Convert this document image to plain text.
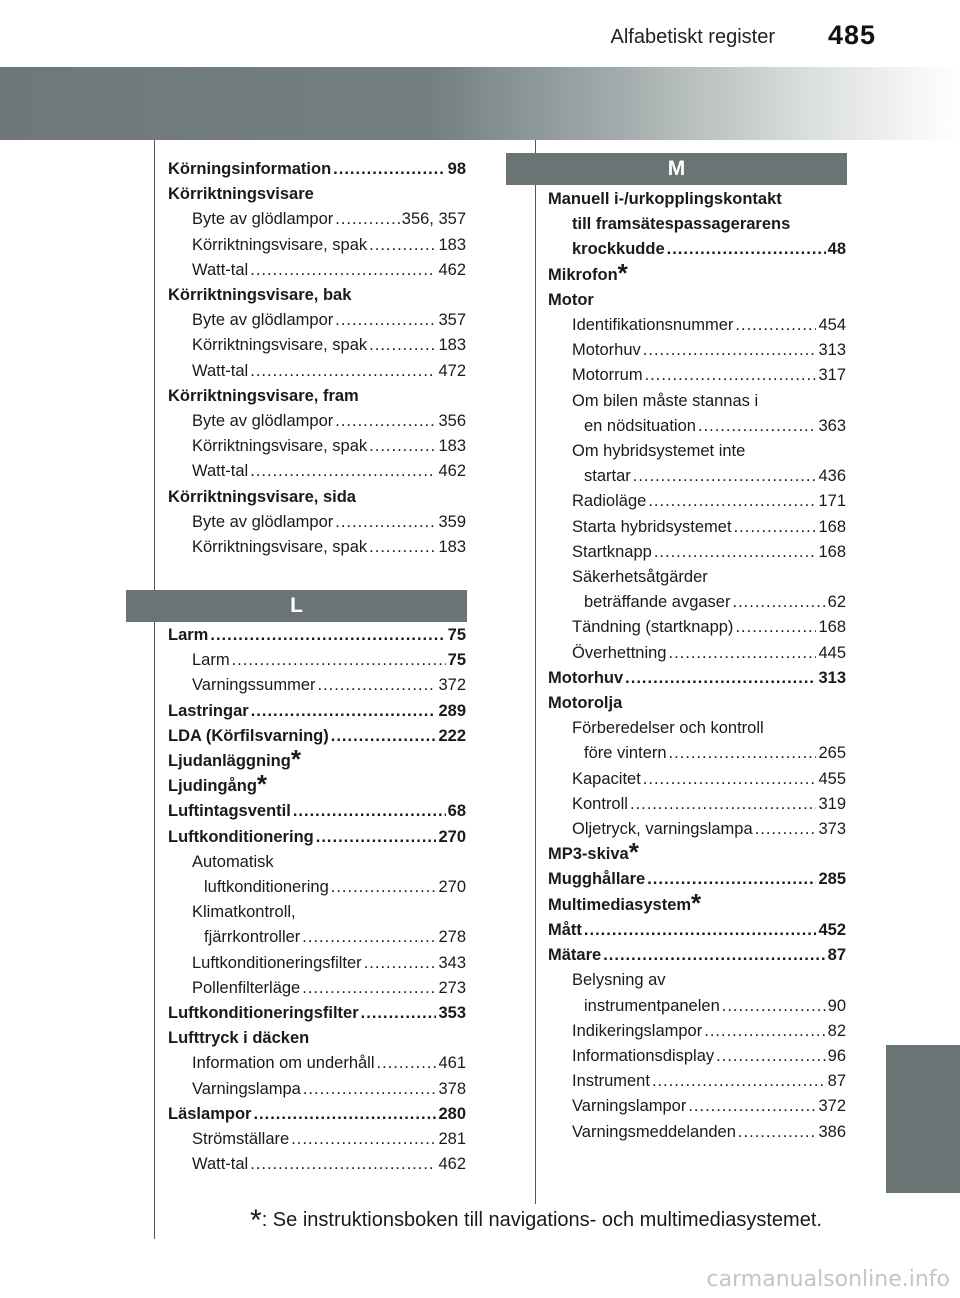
Alfabetiskt register 485
Körningsinformation .....	98
Körriktningsvisare
Byte av glödlampor .....	356, 357
Körriktningsvisare, spak .....	183
Watt-tal .....	462
Körriktningsvisare, bak
Byte av glödlampor .....	357
Körriktningsvisare, spak .....	183
Watt-tal .....	472
Körriktningsvisare, fram
Byte av glödlampor .....	356
Körriktningsvisare, spak .....	183
Watt-tal .....	462
Körriktningsvisare, sida
Byte av glödlampor .....	359
Körriktningsvisare, spak .....	183
L
Larm .....	75
Larm .....	75
Varningssummer .....	372
Lastringar .....	289
LDA (Körfilsvarning) .....	222
Ljudanläggning *
Ljudingång *
Luftintagsventil .....	68
Luftkonditionering .....	270
Automatisk
luftkonditionering .....	270
Klimatkontroll,
fjärrkontroller .....	278
Luftkonditioneringsfilter .....	343
Pollenfilterläge .....	273
Luftkonditioneringsfilter .....	353
Lufttryck i däcken
Information om underhåll .....	461
Varningslampa .....	378
Läslampor .....	280
Strömställare .....	281
Watt-tal .....	462
M
Manuell i-/urkopplingskontakt
till framsätespassagerarens
krockkudde .....	48
Mikrofon *
Motor
Identifikationsnummer .....	454
Motorhuv .....	313
Motorrum .....	317
Om bilen måste stannas i
en nödsituation .....	363
Om hybridsystemet inte
startar .....	436
Radioläge .....	171
Starta hybridsystemet .....	168
Startknapp .....	168
Säkerhetsåtgärder
beträffande avgaser .....	62
Tändning (startknapp) .....	168
Överhettning .....	445
Motorhuv .....	313
Motorolja
Förberedelser och kontroll
före vintern .....	265
Kapacitet .....	455
Kontroll .....	319
Oljetryck, varningslampa .....	373
MP3-skiva *
Mugghållare .....	285
Multimediasystem *
Mått .....	452
Mätare .....	87
Belysning av
instrumentpanelen .....	90
Indikeringslampor .....	82
Informationsdisplay .....	96
Instrument .....	87
Varningslampor .....	372
Varningsmeddelanden .....	386
*: Se instruktionsboken till navigations- och multimediasystemet.
carmanualsonline.info
